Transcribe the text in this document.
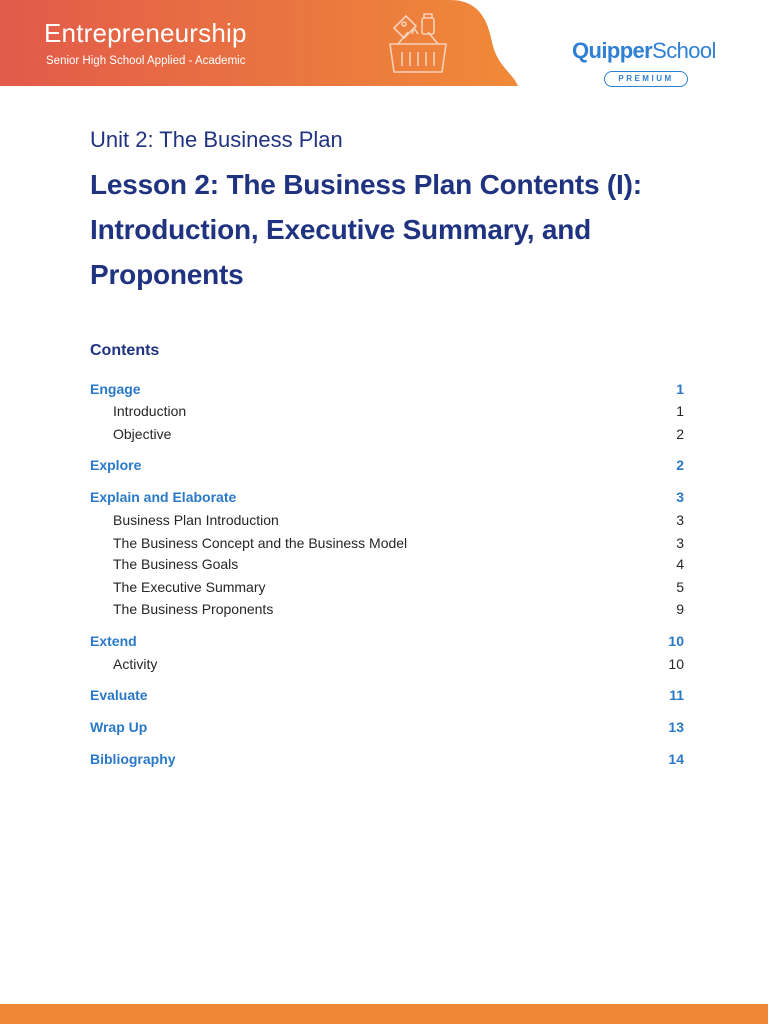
Entrepreneurship
Senior High School Applied - Academic	QuipperSchool
PREMIUM
Unit 2: The Business Plan
Lesson 2: The Business Plan Contents (I):
Introduction, Executive Summary, and
Proponents
Contents
Engage	1
Introduction	1
Objective	2
Explore	2
Explain and Elaborate	3
Business Plan Introduction	3
The Business Concept and the Business Model	3
The Business Goals	4
The Executive Summary	5
The Business Proponents	9
Extend	10
Activity	10
Evaluate	11
Wrap Up	13
Bibliography	14
